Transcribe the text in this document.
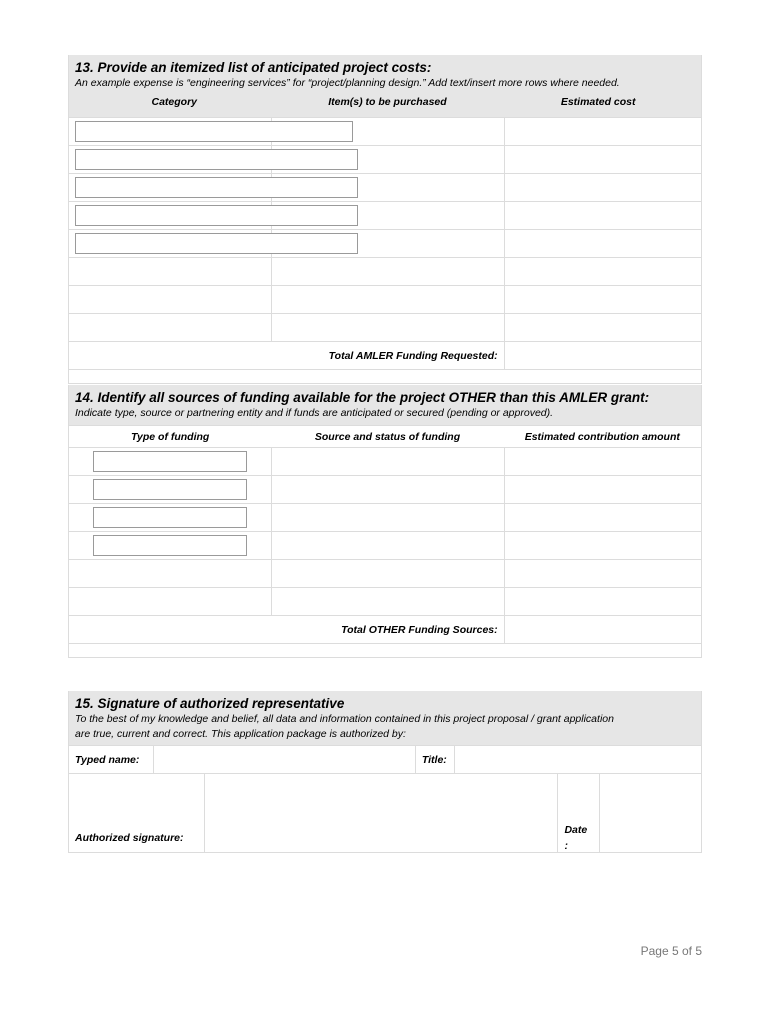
13. Provide an itemized list of anticipated project costs:
An example expense is “engineering services” for “project/planning design.” Add text/insert more rows where needed.
Category	Item(s) to be purchased	Estimated cost
Total AMLER Funding Requested:
14. Identify all sources of funding available for the project OTHER than this AMLER grant:
Indicate type, source or partnering entity and if funds are anticipated or secured (pending or approved).
Type of funding	Source and status of funding	Estimated contribution amount
Total OTHER Funding Sources:
15. Signature of authorized representative
To the best of my knowledge and belief, all data and information contained in this project proposal / grant application
are true, current and correct. This application package is authorized by:
Typed name:	Title:
Authorized signature:
Date
:
Page 5 of 5
